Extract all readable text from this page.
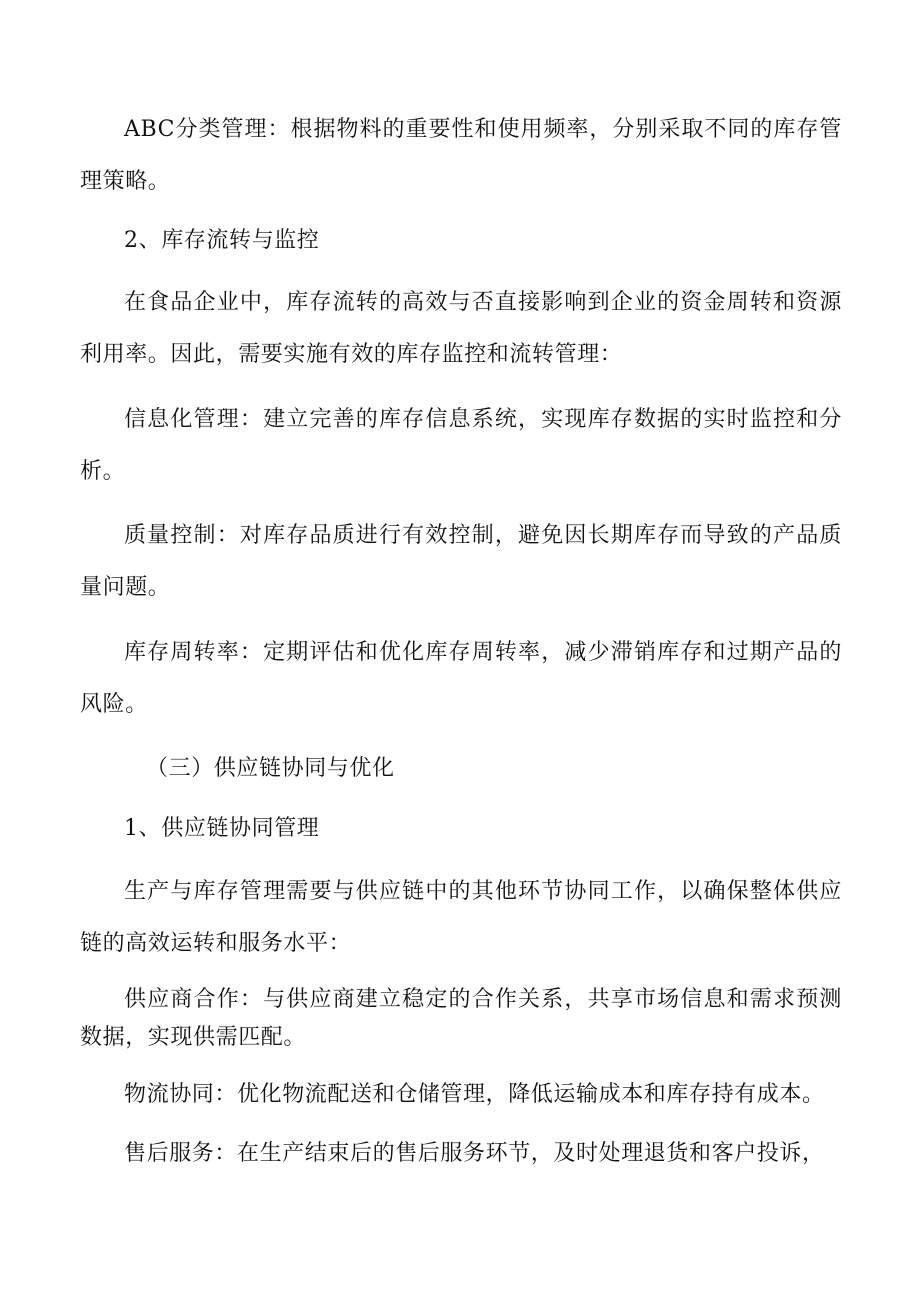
ABC分类管理：根据物料的重要性和使用频率，分别采取不同的库存管理策略。

2、库存流转与监控

在食品企业中，库存流转的高效与否直接影响到企业的资金周转和资源利用率。因此，需要实施有效的库存监控和流转管理：

信息化管理：建立完善的库存信息系统，实现库存数据的实时监控和分析。

质量控制：对库存品质进行有效控制，避免因长期库存而导致的产品质量问题。

库存周转率：定期评估和优化库存周转率，减少滞销库存和过期产品的风险。

（三）供应链协同与优化

1、供应链协同管理

生产与库存管理需要与供应链中的其他环节协同工作，以确保整体供应链的高效运转和服务水平：

供应商合作：与供应商建立稳定的合作关系，共享市场信息和需求预测数据，实现供需匹配。

物流协同：优化物流配送和仓储管理，降低运输成本和库存持有成本。

售后服务：在生产结束后的售后服务环节，及时处理退货和客户投诉，
